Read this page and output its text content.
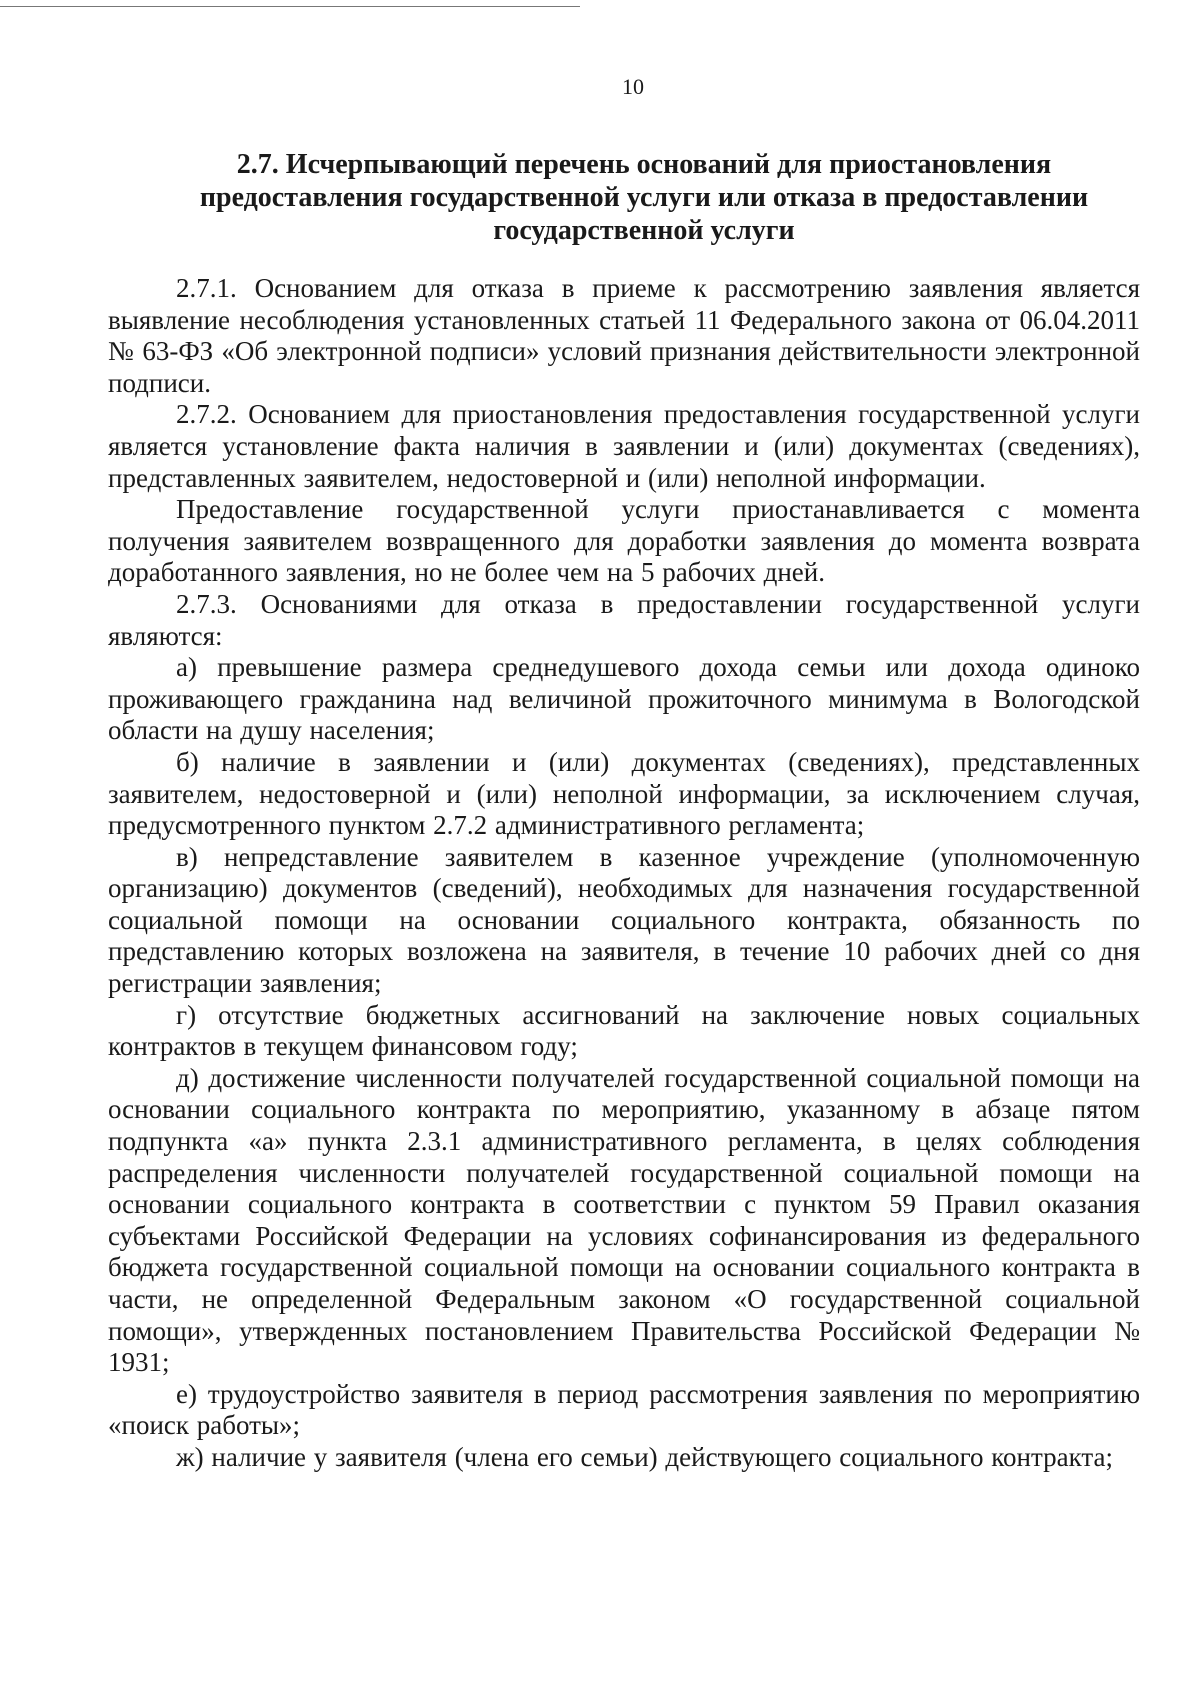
10
2.7. Исчерпывающий перечень оснований для приостановления
предоставления государственной услуги или отказа в предоставлении
государственной услуги

2.7.1. Основанием для отказа в приеме к рассмотрению заявления является выявление несоблюдения установленных статьей 11 Федерального закона от 06.04.2011 № 63-ФЗ «Об электронной подписи» условий признания действительности электронной подписи.

2.7.2. Основанием для приостановления предоставления государственной услуги является установление факта наличия в заявлении и (или) документах (сведениях), представленных заявителем, недостоверной и (или) неполной информации.

Предоставление государственной услуги приостанавливается с момента получения заявителем возвращенного для доработки заявления до момента возврата доработанного заявления, но не более чем на 5 рабочих дней.

2.7.3. Основаниями для отказа в предоставлении государственной услуги являются:

а) превышение размера среднедушевого дохода семьи или дохода одиноко проживающего гражданина над величиной прожиточного минимума в Вологодской области на душу населения;

б) наличие в заявлении и (или) документах (сведениях), представленных заявителем, недостоверной и (или) неполной информации, за исключением случая, предусмотренного пунктом 2.7.2 административного регламента;

в) непредставление заявителем в казенное учреждение (уполномоченную организацию) документов (сведений), необходимых для назначения государственной социальной помощи на основании социального контракта, обязанность по представлению которых возложена на заявителя, в течение 10 рабочих дней со дня регистрации заявления;

г) отсутствие бюджетных ассигнований на заключение новых социальных контрактов в текущем финансовом году;

д) достижение численности получателей государственной социальной помощи на основании социального контракта по мероприятию, указанному в абзаце пятом подпункта «а» пункта 2.3.1 административного регламента, в целях соблюдения распределения численности получателей государственной социальной помощи на основании социального контракта в соответствии с пунктом 59 Правил оказания субъектами Российской Федерации на условиях софинансирования из федерального бюджета государственной социальной помощи на основании социального контракта в части, не определенной Федеральным законом «О государственной социальной помощи», утвержденных постановлением Правительства Российской Федерации № 1931;

е) трудоустройство заявителя в период рассмотрения заявления по мероприятию «поиск работы»;

ж) наличие у заявителя (члена его семьи) действующего социального контракта;
